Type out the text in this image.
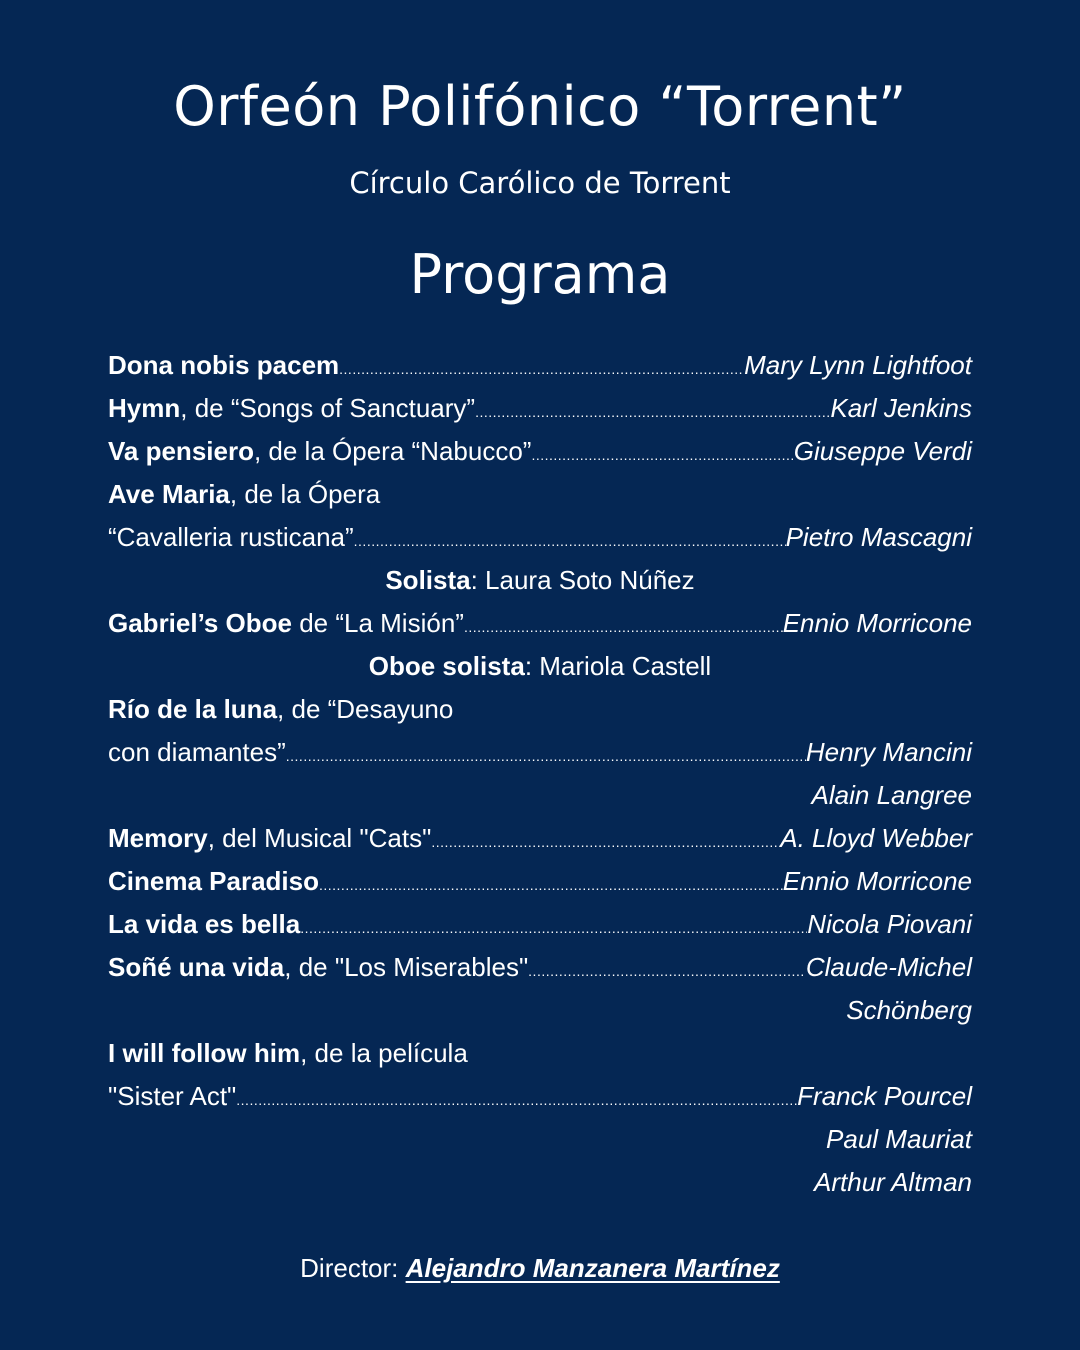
Orfeón Polifónico “Torrent”
Círculo Carólico de Torrent
Programa
Dona nobis pacem .....	Mary Lynn Lightfoot
Hymn, de “Songs of Sanctuary” .....	Karl Jenkins
Va pensiero, de la Ópera “Nabucco” .....	Giuseppe Verdi
Ave Maria, de la Ópera
“Cavalleria rusticana” .....	Pietro Mascagni
Solista: Laura Soto Núñez
Gabriel’s Oboe de “La Misión” .....	Ennio Morricone
Oboe solista: Mariola Castell
Río de la luna, de “Desayuno
con diamantes” .....	Henry Mancini
Alain Langree
Memory, del Musical "Cats" .....	A. Lloyd Webber
Cinema Paradiso .....	Ennio Morricone
La vida es bella .....	Nicola Piovani
Soñé una vida, de "Los Miserables" .....	Claude-Michel
Schönberg
I will follow him, de la película
"Sister Act" .....	Franck Pourcel
Paul Mauriat
Arthur Altman
Director: Alejandro Manzanera Martínez
